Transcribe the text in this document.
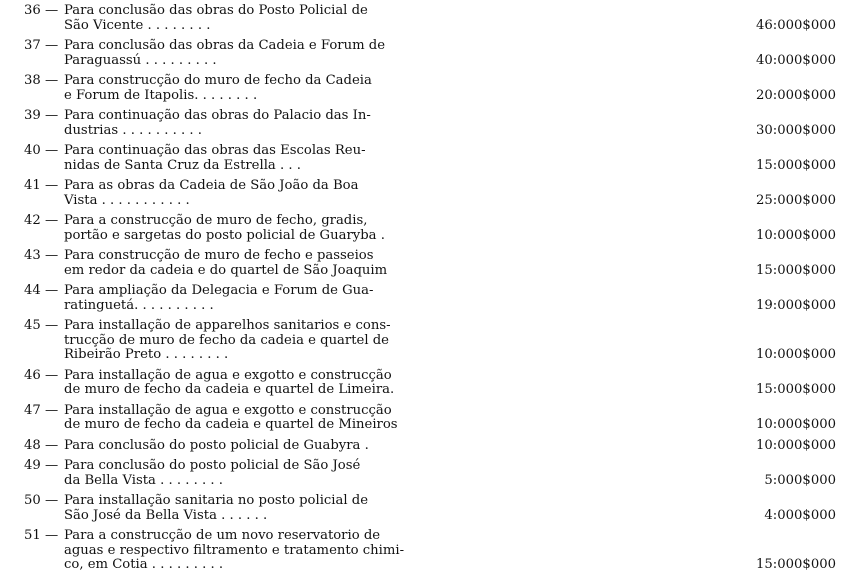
36 — Para conclusão das obras do Posto Policial de
São Vicente . . . . . . . .	46:000$000
37 — Para conclusão das obras da Cadeia e Forum de
Paraguassú . . . . . . . . .	40:000$000
38 — Para construcção do muro de fecho da Cadeia
e Forum de Itapolis. . . . . . . .	20:000$000
39 — Para continuação das obras do Palacio das In-
dustrias . . . . . . . . . .	30:000$000
40 — Para continuação das obras das Escolas Reu-
nidas de Santa Cruz da Estrella . . .	15:000$000
41 — Para as obras da Cadeia de São João da Boa
Vista . . . . . . . . . . .	25:000$000
42 — Para a construcção de muro de fecho, gradis,
portão e sargetas do posto policial de Guaryba .	10:000$000
43 — Para construcção de muro de fecho e passeios
em redor da cadeia e do quartel de São Joaquim	15:000$000
44 — Para ampliação da Delegacia e Forum de Gua-
ratinguetá. . . . . . . . . .	19:000$000
45 — Para installação de apparelhos sanitarios e cons-
trucção de muro de fecho da cadeia e quartel de
Ribeirão Preto . . . . . . . .	10:000$000
46 — Para installação de agua e exgotto e construcção
de muro de fecho da cadeia e quartel de Limeira.	15:000$000
47 — Para installação de agua e exgotto e construcção
de muro de fecho da cadeia e quartel de Mineiros	10:000$000
48 — Para conclusão do posto policial de Guabyra .	10:000$000
49 — Para conclusão do posto policial de São José
da Bella Vista . . . . . . . .	5:000$000
50 — Para installação sanitaria no posto policial de
São José da Bella Vista . . . . . .	4:000$000
51 — Para a construcção de um novo reservatorio de
aguas e respectivo filtramento e tratamento chimi-
co, em Cotia . . . . . . . . .	15:000$000
